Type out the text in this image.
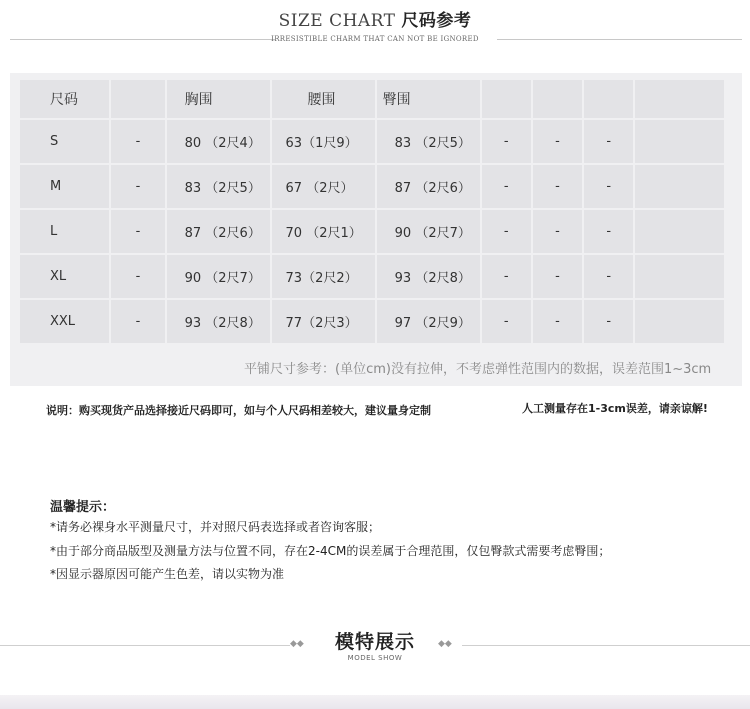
SIZE CHART 尺码参考
IRRESISTIBLE CHARM THAT CAN NOT BE IGNORED
尺码		胸围	腰围	臀围				
S	-	80 （2尺4）	63（1尺9）	83 （2尺5）	-	-	-	
M	-	83 （2尺5）	67 （2尺）	87 （2尺6）	-	-	-	
L	-	87 （2尺6）	70 （2尺1）	90 （2尺7）	-	-	-	
XL	-	90 （2尺7）	73（2尺2）	93 （2尺8）	-	-	-	
XXL	-	93 （2尺8）	77（2尺3）	97 （2尺9）	-	-	-	
平铺尺寸参考：(单位cm)没有拉伸，不考虑弹性范围内的数据，误差范围1~3cm
说明：购买现货产品选择接近尺码即可，如与个人尺码相差较大，建议量身定制	人工测量存在1-3cm误差，请亲谅解!
温馨提示：
*请务必裸身水平测量尺寸，并对照尺码表选择或者咨询客服；
*由于部分商品版型及测量方法与位置不同，存在2-4CM的误差属于合理范围，仅包臀款式需要考虑臀围；
*因显示器原因可能产生色差，请以实物为准
◆◆	模特展示	◆◆
MODEL SHOW
